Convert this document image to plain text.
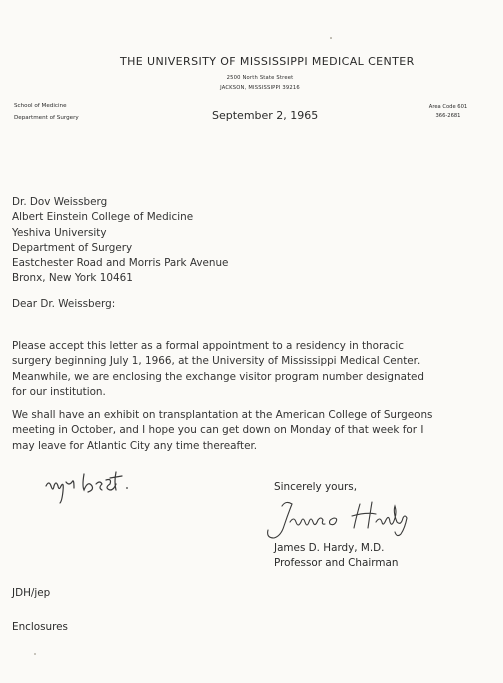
THE UNIVERSITY OF MISSISSIPPI MEDICAL CENTER
2500 North State Street
JACKSON, MISSISSIPPI 39216
School of Medicine
Department of Surgery
Area Code 601
366-2681
September 2, 1965
Dr. Dov Weissberg
Albert Einstein College of Medicine
Yeshiva University
Department of Surgery
Eastchester Road and Morris Park Avenue
Bronx, New York 10461
Dear Dr. Weissberg:
Please accept this letter as a formal appointment to a residency in thoracic
surgery beginning July 1, 1966, at the University of Mississippi Medical Center.
Meanwhile, we are enclosing the exchange visitor program number designated
for our institution.
We shall have an exhibit on transplantation at the American College of Surgeons
meeting in October, and I hope you can get down on Monday of that week for I
may leave for Atlantic City any time thereafter.
Sincerely yours,
James D. Hardy, M.D.
Professor and Chairman
JDH/jep
Enclosures
